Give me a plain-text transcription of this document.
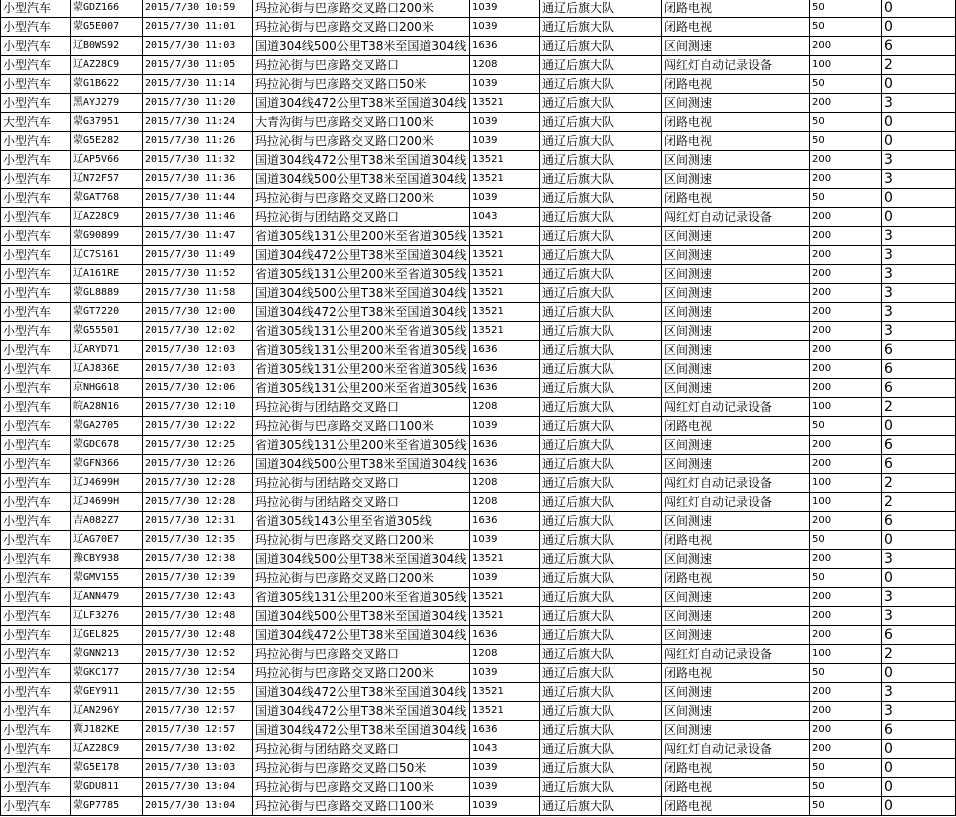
小型汽车	蒙GDZ166	2015/7/30 10:59	玛拉沁街与巴彦路交叉路口200米	1039	通辽后旗大队	闭路电视	50	0
小型汽车	蒙G5E007	2015/7/30 11:01	玛拉沁街与巴彦路交叉路口200米	1039	通辽后旗大队	闭路电视	50	0
小型汽车	辽B0WS92	2015/7/30 11:03	国道304线500公里T38米至国道304线	1636	通辽后旗大队	区间测速	200	6
小型汽车	辽AZ28C9	2015/7/30 11:05	玛拉沁街与巴彦路交叉路口	1208	通辽后旗大队	闯红灯自动记录设备	100	2
小型汽车	蒙G1B622	2015/7/30 11:14	玛拉沁街与巴彦路交叉路口50米	1039	通辽后旗大队	闭路电视	50	0
小型汽车	黑AYJ279	2015/7/30 11:20	国道304线472公里T38米至国道304线	13521	通辽后旗大队	区间测速	200	3
大型汽车	蒙G37951	2015/7/30 11:24	大青沟街与巴彦路交叉路口100米	1039	通辽后旗大队	闭路电视	50	0
小型汽车	蒙G5E282	2015/7/30 11:26	玛拉沁街与巴彦路交叉路口200米	1039	通辽后旗大队	闭路电视	50	0
小型汽车	辽AP5V66	2015/7/30 11:32	国道304线472公里T38米至国道304线	13521	通辽后旗大队	区间测速	200	3
小型汽车	辽N72F57	2015/7/30 11:36	国道304线500公里T38米至国道304线	13521	通辽后旗大队	区间测速	200	3
小型汽车	蒙GAT768	2015/7/30 11:44	玛拉沁街与巴彦路交叉路口200米	1039	通辽后旗大队	闭路电视	50	0
小型汽车	辽AZ28C9	2015/7/30 11:46	玛拉沁街与团结路交叉路口	1043	通辽后旗大队	闯红灯自动记录设备	200	0
小型汽车	蒙G90899	2015/7/30 11:47	省道305线131公里200米至省道305线	13521	通辽后旗大队	区间测速	200	3
小型汽车	辽C7S161	2015/7/30 11:49	国道304线472公里T38米至国道304线	13521	通辽后旗大队	区间测速	200	3
小型汽车	辽A161RE	2015/7/30 11:52	省道305线131公里200米至省道305线	13521	通辽后旗大队	区间测速	200	3
小型汽车	蒙GL8889	2015/7/30 11:58	国道304线500公里T38米至国道304线	13521	通辽后旗大队	区间测速	200	3
小型汽车	蒙GT7220	2015/7/30 12:00	国道304线472公里T38米至国道304线	13521	通辽后旗大队	区间测速	200	3
小型汽车	蒙G55501	2015/7/30 12:02	省道305线131公里200米至省道305线	13521	通辽后旗大队	区间测速	200	3
小型汽车	辽ARYD71	2015/7/30 12:03	省道305线131公里200米至省道305线	1636	通辽后旗大队	区间测速	200	6
小型汽车	辽AJ836E	2015/7/30 12:03	省道305线131公里200米至省道305线	1636	通辽后旗大队	区间测速	200	6
小型汽车	京NHG618	2015/7/30 12:06	省道305线131公里200米至省道305线	1636	通辽后旗大队	区间测速	200	6
小型汽车	皖A28N16	2015/7/30 12:10	玛拉沁街与团结路交叉路口	1208	通辽后旗大队	闯红灯自动记录设备	100	2
小型汽车	蒙GA2705	2015/7/30 12:22	玛拉沁街与巴彦路交叉路口100米	1039	通辽后旗大队	闭路电视	50	0
小型汽车	蒙GDC678	2015/7/30 12:25	省道305线131公里200米至省道305线	1636	通辽后旗大队	区间测速	200	6
小型汽车	蒙GFN366	2015/7/30 12:26	国道304线500公里T38米至国道304线	1636	通辽后旗大队	区间测速	200	6
小型汽车	辽J4699H	2015/7/30 12:28	玛拉沁街与团结路交叉路口	1208	通辽后旗大队	闯红灯自动记录设备	100	2
小型汽车	辽J4699H	2015/7/30 12:28	玛拉沁街与团结路交叉路口	1208	通辽后旗大队	闯红灯自动记录设备	100	2
小型汽车	吉A082Z7	2015/7/30 12:31	省道305线143公里至省道305线	1636	通辽后旗大队	区间测速	200	6
小型汽车	辽AG70E7	2015/7/30 12:35	玛拉沁街与巴彦路交叉路口200米	1039	通辽后旗大队	闭路电视	50	0
小型汽车	豫CBY938	2015/7/30 12:38	国道304线500公里T38米至国道304线	13521	通辽后旗大队	区间测速	200	3
小型汽车	蒙GMV155	2015/7/30 12:39	玛拉沁街与巴彦路交叉路口200米	1039	通辽后旗大队	闭路电视	50	0
小型汽车	辽ANN479	2015/7/30 12:43	省道305线131公里200米至省道305线	13521	通辽后旗大队	区间测速	200	3
小型汽车	辽LF3276	2015/7/30 12:48	国道304线500公里T38米至国道304线	13521	通辽后旗大队	区间测速	200	3
小型汽车	辽GEL825	2015/7/30 12:48	国道304线472公里T38米至国道304线	1636	通辽后旗大队	区间测速	200	6
小型汽车	蒙GNN213	2015/7/30 12:52	玛拉沁街与巴彦路交叉路口	1208	通辽后旗大队	闯红灯自动记录设备	100	2
小型汽车	蒙GKC177	2015/7/30 12:54	玛拉沁街与巴彦路交叉路口200米	1039	通辽后旗大队	闭路电视	50	0
小型汽车	蒙GEY911	2015/7/30 12:55	国道304线472公里T38米至国道304线	13521	通辽后旗大队	区间测速	200	3
小型汽车	辽AN296Y	2015/7/30 12:57	国道304线472公里T38米至国道304线	13521	通辽后旗大队	区间测速	200	3
小型汽车	冀J182KE	2015/7/30 12:57	国道304线472公里T38米至国道304线	1636	通辽后旗大队	区间测速	200	6
小型汽车	辽AZ28C9	2015/7/30 13:02	玛拉沁街与团结路交叉路口	1043	通辽后旗大队	闯红灯自动记录设备	200	0
小型汽车	蒙G5E178	2015/7/30 13:03	玛拉沁街与巴彦路交叉路口50米	1039	通辽后旗大队	闭路电视	50	0
小型汽车	蒙GDU811	2015/7/30 13:04	玛拉沁街与巴彦路交叉路口100米	1039	通辽后旗大队	闭路电视	50	0
小型汽车	蒙GP7785	2015/7/30 13:04	玛拉沁街与巴彦路交叉路口100米	1039	通辽后旗大队	闭路电视	50	0
